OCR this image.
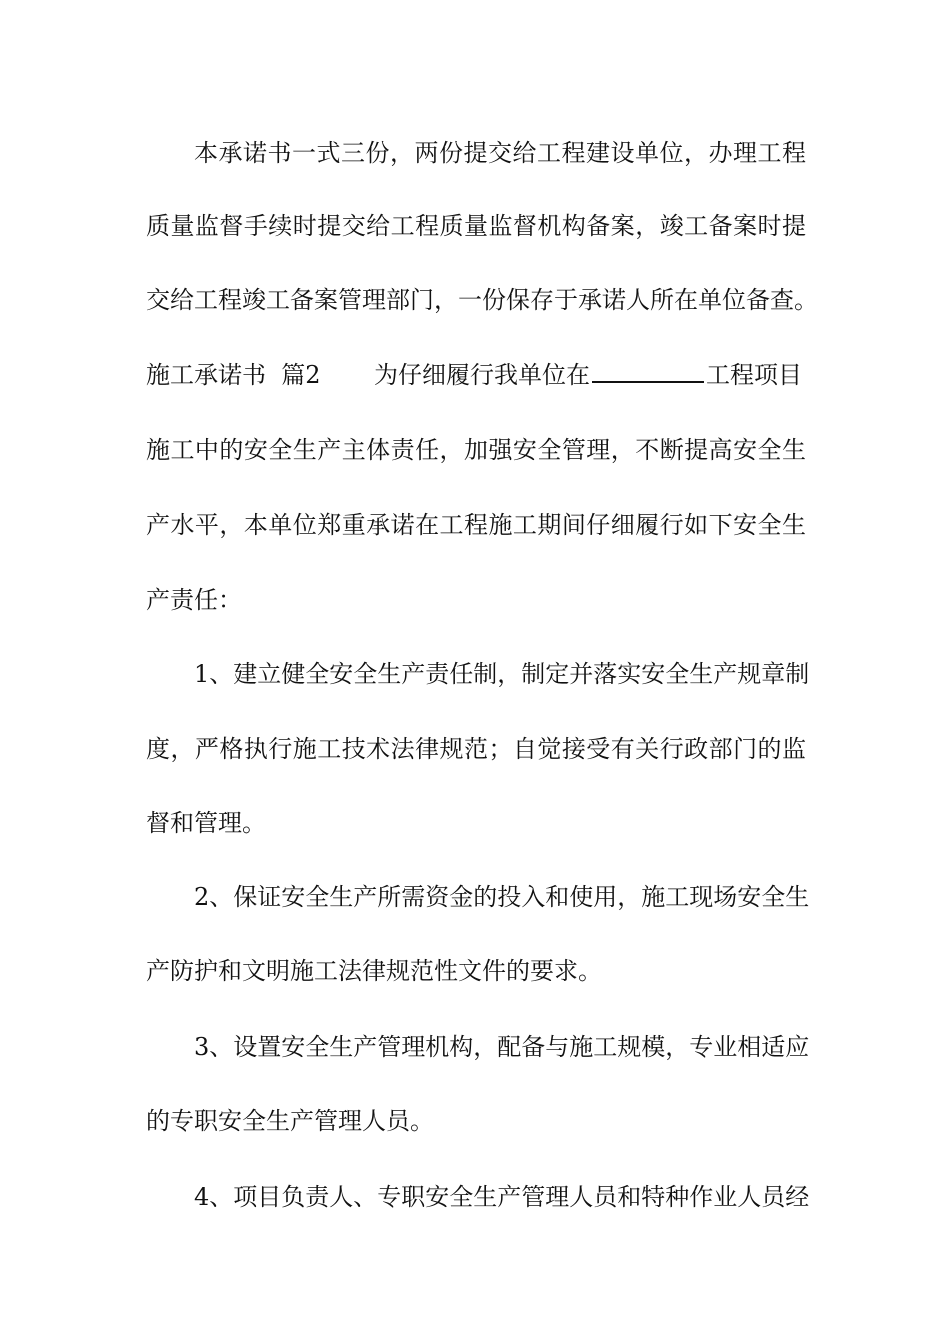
本承诺书一式三份，两份提交给工程建设单位，办理工程
质量监督手续时提交给工程质量监督机构备案，竣工备案时提
交给工程竣工备案管理部门，一份保存于承诺人所在单位备查。
施工承诺书 篇2 为仔细履行我单位在	工程项目
施工中的安全生产主体责任，加强安全管理，不断提高安全生
产水平，本单位郑重承诺在工程施工期间仔细履行如下安全生
产责任：
1、建立健全安全生产责任制，制定并落实安全生产规章制
度，严格执行施工技术法律规范；自觉接受有关行政部门的监
督和管理。
2、保证安全生产所需资金的投入和使用，施工现场安全生
产防护和文明施工法律规范性文件的要求。
3、设置安全生产管理机构，配备与施工规模，专业相适应
的专职安全生产管理人员。
4、项目负责人、专职安全生产管理人员和特种作业人员经
